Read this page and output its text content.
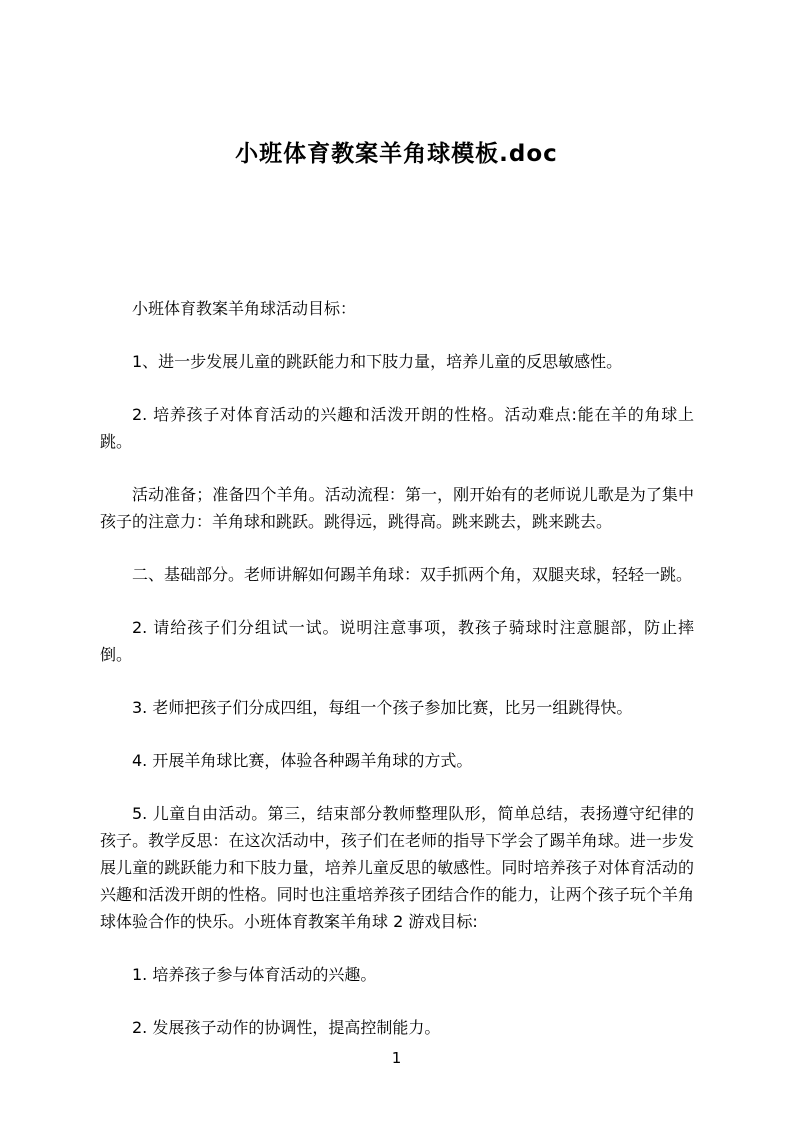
小班体育教案羊角球模板.doc

小班体育教案羊角球活动目标：

1、进一步发展儿童的跳跃能力和下肢力量，培养儿童的反思敏感性。

2. 培养孩子对体育活动的兴趣和活泼开朗的性格。活动难点:能在羊的角球上跳。

活动准备；准备四个羊角。活动流程：第一，刚开始有的老师说儿歌是为了集中孩子的注意力：羊角球和跳跃。跳得远，跳得高。跳来跳去，跳来跳去。

二、基础部分。老师讲解如何踢羊角球：双手抓两个角，双腿夹球，轻轻一跳。

2. 请给孩子们分组试一试。说明注意事项，教孩子骑球时注意腿部，防止摔倒。

3. 老师把孩子们分成四组，每组一个孩子参加比赛，比另一组跳得快。

4. 开展羊角球比赛，体验各种踢羊角球的方式。

5. 儿童自由活动。第三，结束部分教师整理队形，简单总结，表扬遵守纪律的孩子。教学反思：在这次活动中，孩子们在老师的指导下学会了踢羊角球。进一步发展儿童的跳跃能力和下肢力量，培养儿童反思的敏感性。同时培养孩子对体育活动的兴趣和活泼开朗的性格。同时也注重培养孩子团结合作的能力，让两个孩子玩个羊角球体验合作的快乐。小班体育教案羊角球 2 游戏目标:

1. 培养孩子参与体育活动的兴趣。

2. 发展孩子动作的协调性，提高控制能力。

1
